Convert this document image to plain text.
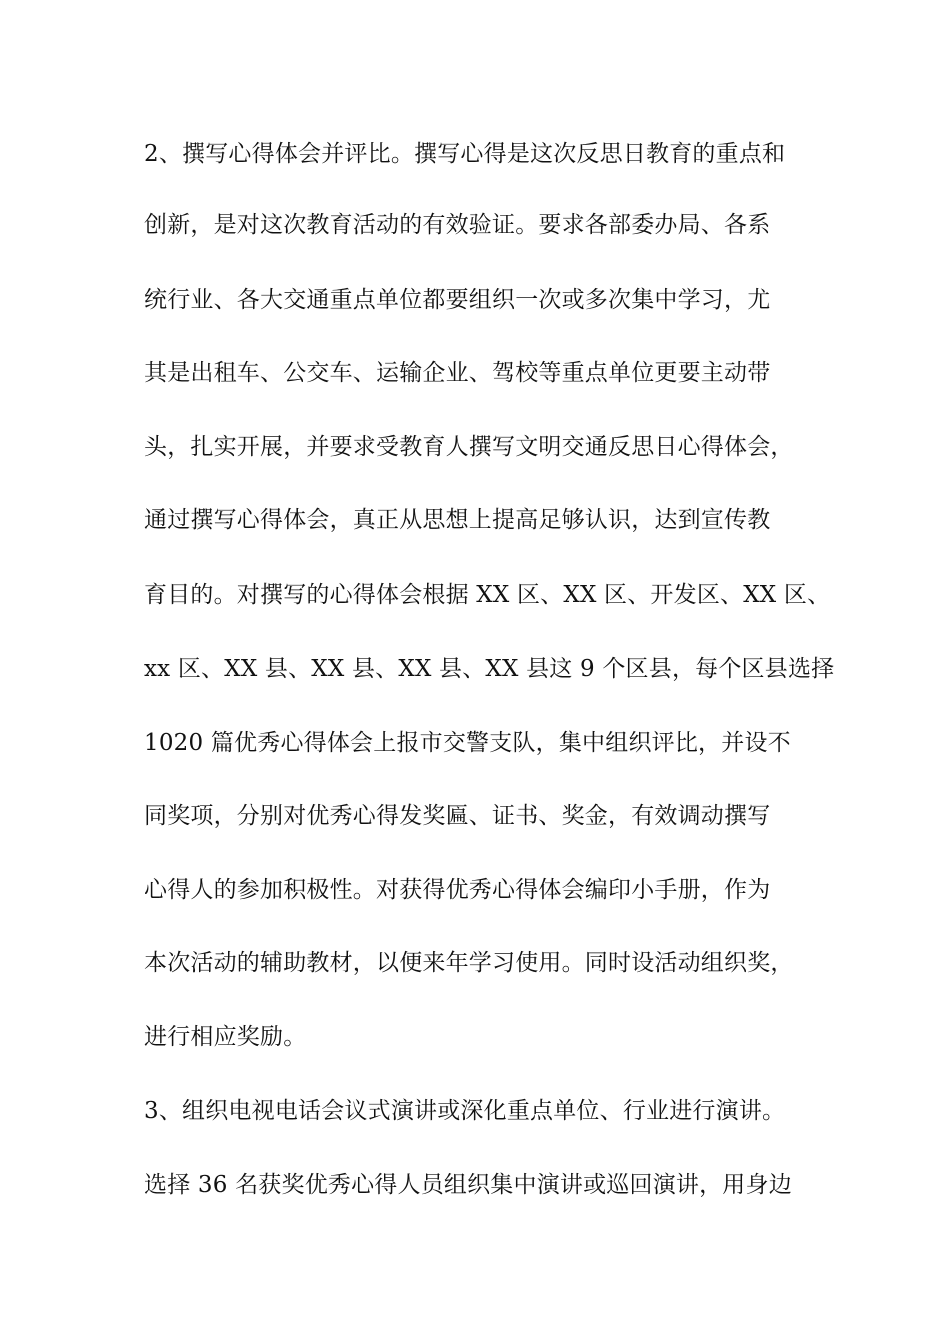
2、撰写心得体会并评比。撰写心得是这次反思日教育的重点和
创新，是对这次教育活动的有效验证。要求各部委办局、各系
统行业、各大交通重点单位都要组织一次或多次集中学习，尤
其是出租车、公交车、运输企业、驾校等重点单位更要主动带
头，扎实开展，并要求受教育人撰写文明交通反思日心得体会，
通过撰写心得体会，真正从思想上提高足够认识，达到宣传教
育目的。对撰写的心得体会根据 XX 区、XX 区、开发区、XX 区、
xx 区、XX 县、XX 县、XX 县、XX 县这 9 个区县，每个区县选择
1020 篇优秀心得体会上报市交警支队，集中组织评比，并设不
同奖项，分别对优秀心得发奖匾、证书、奖金，有效调动撰写
心得人的参加积极性。对获得优秀心得体会编印小手册，作为
本次活动的辅助教材，以便来年学习使用。同时设活动组织奖，
进行相应奖励。
3、组织电视电话会议式演讲或深化重点单位、行业进行演讲。
选择 36 名获奖优秀心得人员组织集中演讲或巡回演讲，用身边
